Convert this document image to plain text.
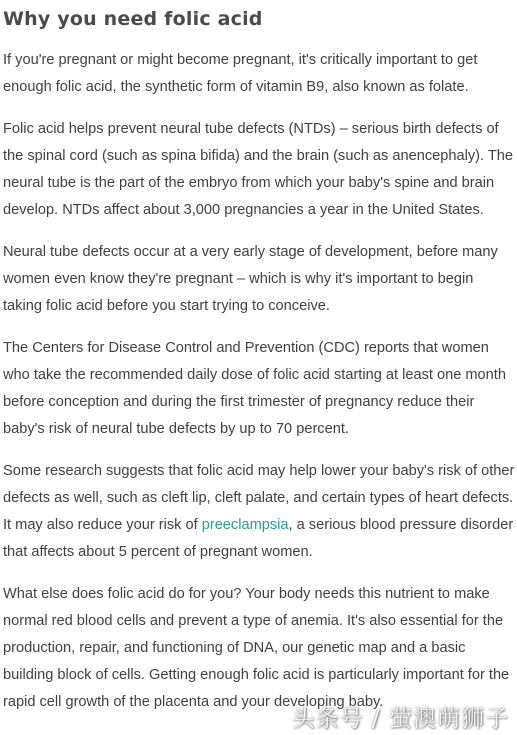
Why you need folic acid

If you're pregnant or might become pregnant, it's critically important to get enough folic acid, the synthetic form of vitamin B9, also known as folate.

Folic acid helps prevent neural tube defects (NTDs) – serious birth defects of the spinal cord (such as spina bifida) and the brain (such as anencephaly). The neural tube is the part of the embryo from which your baby's spine and brain develop. NTDs affect about 3,000 pregnancies a year in the United States.

Neural tube defects occur at a very early stage of development, before many women even know they're pregnant – which is why it's important to begin taking folic acid before you start trying to conceive.

The Centers for Disease Control and Prevention (CDC) reports that women who take the recommended daily dose of folic acid starting at least one month before conception and during the first trimester of pregnancy reduce their baby's risk of neural tube defects by up to 70 percent.

Some research suggests that folic acid may help lower your baby's risk of other defects as well, such as cleft lip, cleft palate, and certain types of heart defects. It may also reduce your risk of preeclampsia, a serious blood pressure disorder that affects about 5 percent of pregnant women.

What else does folic acid do for you? Your body needs this nutrient to make normal red blood cells and prevent a type of anemia. It's also essential for the production, repair, and functioning of DNA, our genetic map and a basic building block of cells. Getting enough folic acid is particularly important for the rapid cell growth of the placenta and your developing baby.

头条号 / 萤澳萌狮子
